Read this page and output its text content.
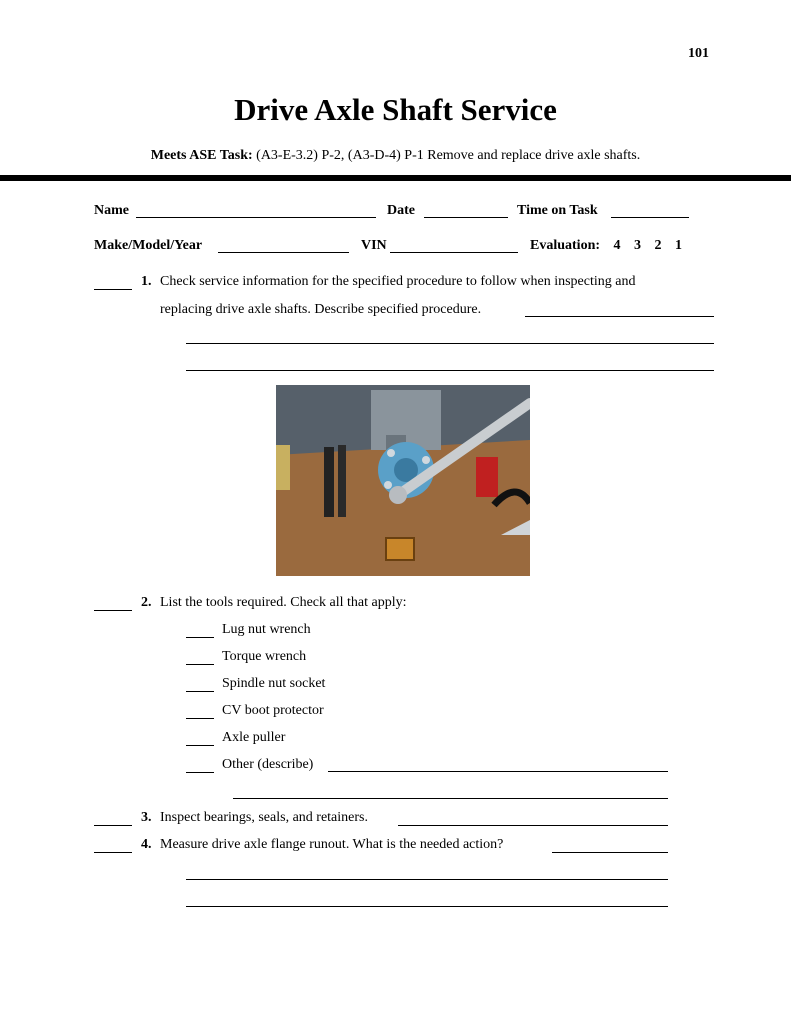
101
Drive Axle Shaft Service
Meets ASE Task: (A3-E-3.2) P-2, (A3-D-4) P-1 Remove and replace drive axle shafts.
Name	Date	Time on Task
Make/Model/Year	VIN	Evaluation: 4 3 2 1
1. Check service information for the specified procedure to follow when inspecting and
replacing drive axle shafts. Describe specified procedure.
2. List the tools required. Check all that apply:
Lug nut wrench
Torque wrench
Spindle nut socket
CV boot protector
Axle puller
Other (describe)
3. Inspect bearings, seals, and retainers.
4. Measure drive axle flange runout. What is the needed action?
